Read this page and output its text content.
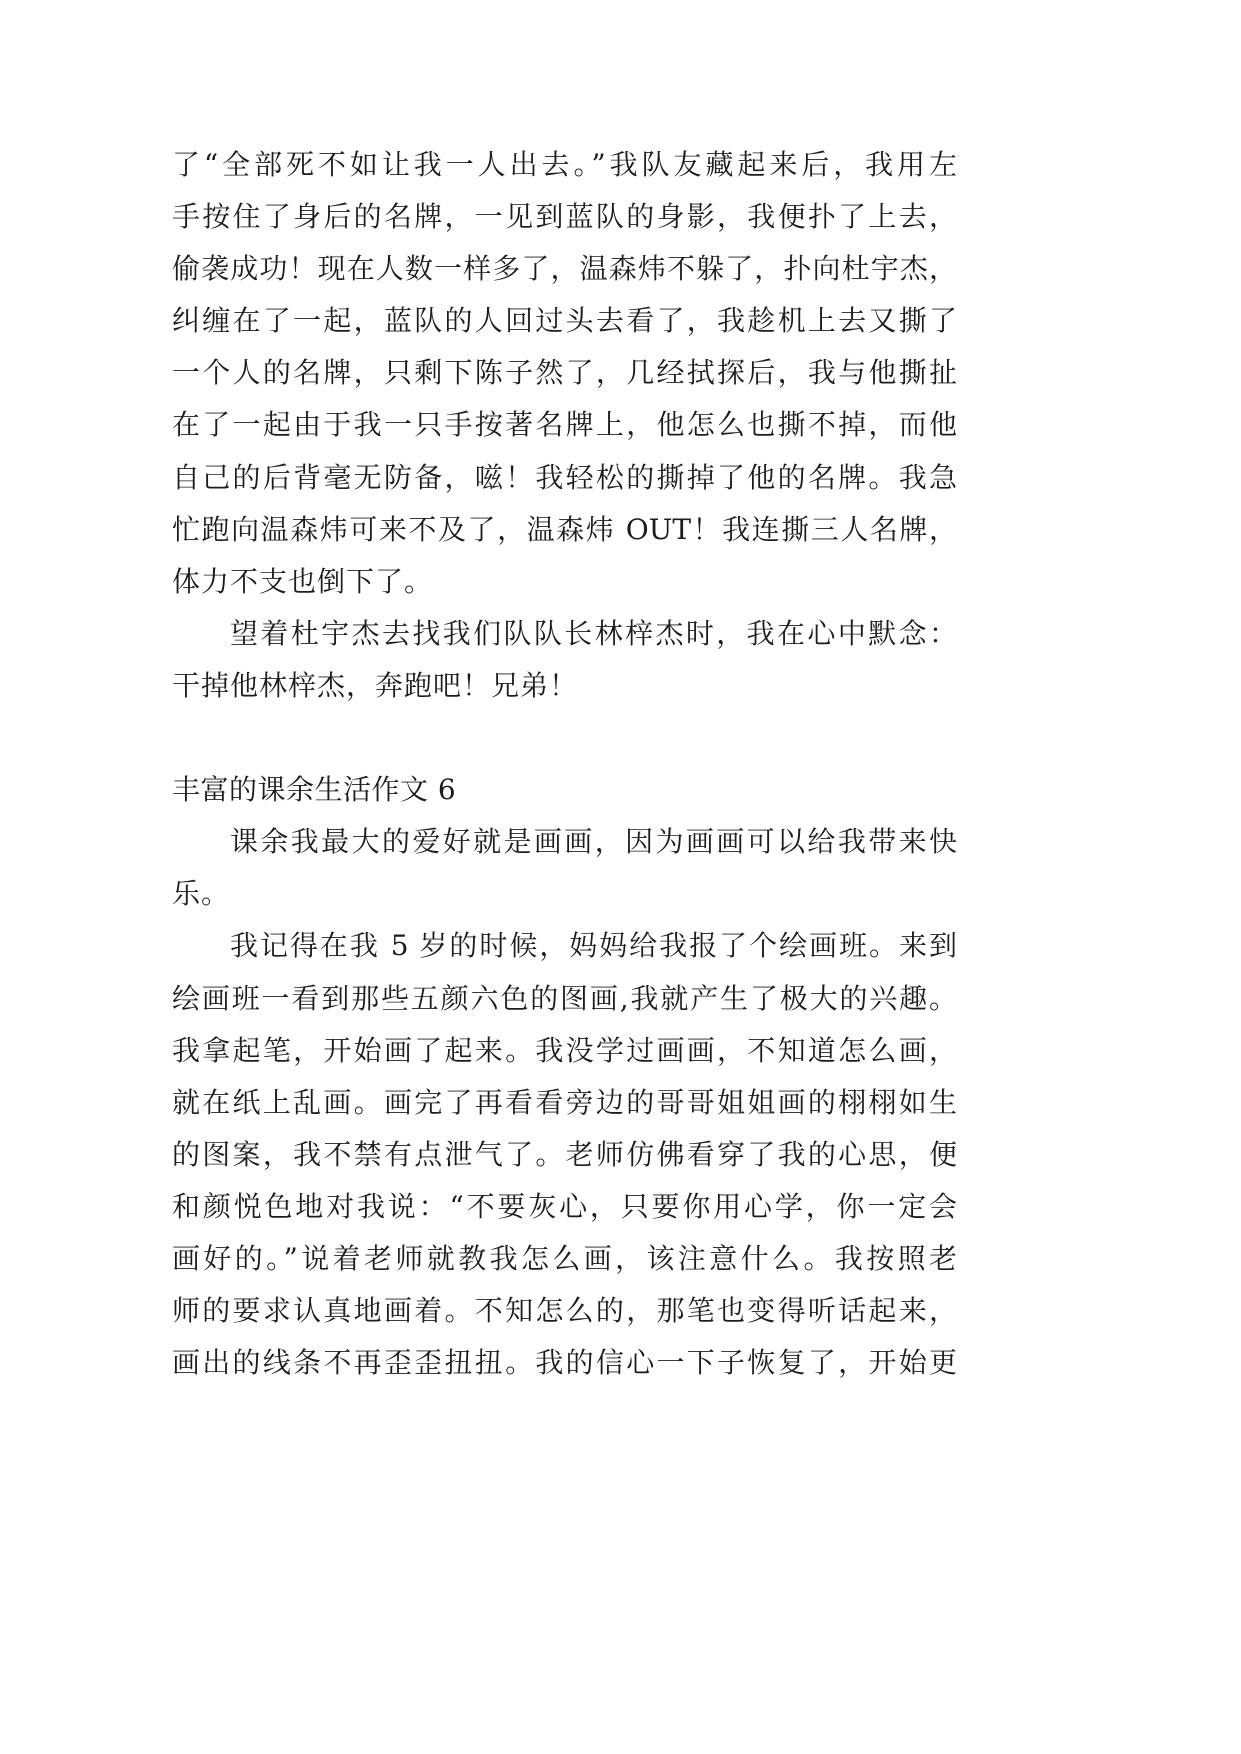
了“全部死不如让我一人出去。”我队友藏起来后，我用左
手按住了身后的名牌，一见到蓝队的身影，我便扑了上去，
偷袭成功！现在人数一样多了，温森炜不躲了，扑向杜宇杰，
纠缠在了一起，蓝队的人回过头去看了，我趁机上去又撕了
一个人的名牌，只剩下陈子然了，几经拭探后，我与他撕扯
在了一起由于我一只手按著名牌上，他怎么也撕不掉，而他
自己的后背毫无防备，嗞！我轻松的撕掉了他的名牌。我急
忙跑向温森炜可来不及了，温森炜 OUT！我连撕三人名牌，
体力不支也倒下了。
望着杜宇杰去找我们队队长林梓杰时，我在心中默念：
干掉他林梓杰，奔跑吧！兄弟！
丰富的课余生活作文 6
课余我最大的爱好就是画画，因为画画可以给我带来快
乐。
我记得在我 5 岁的时候，妈妈给我报了个绘画班。来到
绘画班一看到那些五颜六色的图画,我就产生了极大的兴趣。
我拿起笔，开始画了起来。我没学过画画，不知道怎么画，
就在纸上乱画。画完了再看看旁边的哥哥姐姐画的栩栩如生
的图案，我不禁有点泄气了。老师仿佛看穿了我的心思，便
和颜悦色地对我说：“不要灰心，只要你用心学，你一定会
画好的。”说着老师就教我怎么画，该注意什么。我按照老
师的要求认真地画着。不知怎么的，那笔也变得听话起来，
画出的线条不再歪歪扭扭。我的信心一下子恢复了，开始更
